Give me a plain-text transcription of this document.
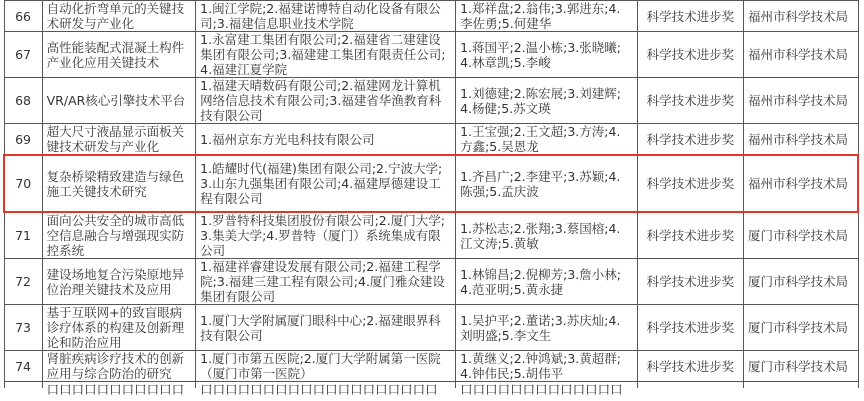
66	自动化折弯单元的关键技术研发与产业化	1.闽江学院;2.福建诺博特自动化设备有限公司;3.福建信息职业技术学院	1.郑祥盘;2.翁伟;3.郭进东;4.李佐勇;5.何建华	科学技术进步奖	福州市科学技术局
67	高性能装配式混凝土构件产业化应用关键技术	1.永富建工集团有限公司;2.福建省二建建设集团有限公司;3.福建建工集团有限责任公司;4.福建江夏学院	1.蒋国平;2.温小栋;3.张晓曦;4.林章凯;5.李峻	科学技术进步奖	福州市科学技术局
68	VR/AR核心引擎技术平台	1.福建天晴数码有限公司;2.福建网龙计算机网络信息技术有限公司;3.福建省华渔教育科技有限公司	1.刘德建;2.陈宏展;3.刘建辉;4.杨健;5.苏文瑛	科学技术进步奖	福州市科学技术局
69	超大尺寸液晶显示面板关键技术研发与产业化	1.福州京东方光电科技有限公司	1.王宝强;2.王文超;3.方涛;4.方鑫;5.吴恩龙	科学技术进步奖	福州市科学技术局
70	复杂桥梁精致建造与绿色施工关键技术研究	1.皓耀时代(福建)集团有限公司;2.宁波大学;3.山东九强集团有限公司;4.福建厚德建设工程有限公司	1.齐昌广;2.李建平;3.苏颖;4.陈强;5.孟庆波	科学技术进步奖	福州市科学技术局
71	面向公共安全的城市高低空信息融合与增强现实防控系统	1.罗普特科技集团股份有限公司;2.厦门大学;3.集美大学;4.罗普特（厦门）系统集成有限公司	1.苏松志;2.张翔;3.蔡国榕;4.江文涛;5.黄敏	科学技术进步奖	厦门市科学技术局
72	建设场地复合污染原地异位治理关键技术及应用	1.福建祥睿建设发展有限公司;2.福建工程学院;3.福建三建工程有限公司;4.厦门雅众建设集团有限公司	1.林锦昌;2.倪柳芳;3.詹小林;4.范亚明;5.黄永捷	科学技术进步奖	厦门市科学技术局
73	基于互联网+的致盲眼病诊疗体系的构建及创新理论和防治应用	1.厦门大学附属厦门眼科中心;2.福建眼界科技有限公司	1.吴护平;2.董诺;3.苏庆灿;4.刘明盛;5.李文生	科学技术进步奖	厦门市科学技术局
74	肾脏疾病诊疗技术的创新应用与综合防治的研究	1.厦门市第五医院;2.厦门大学附属第一医院（厦门市第一医院）	1.黄继义;2.钟鸿斌;3.黄超群;4.钟伟民;5.胡伟平	科学技术进步奖	厦门市科学技术局

	口口口口口口口口口口口	口口口口口口口口口口口口口口口口口口口	口口口口口口口口口口口口口		
